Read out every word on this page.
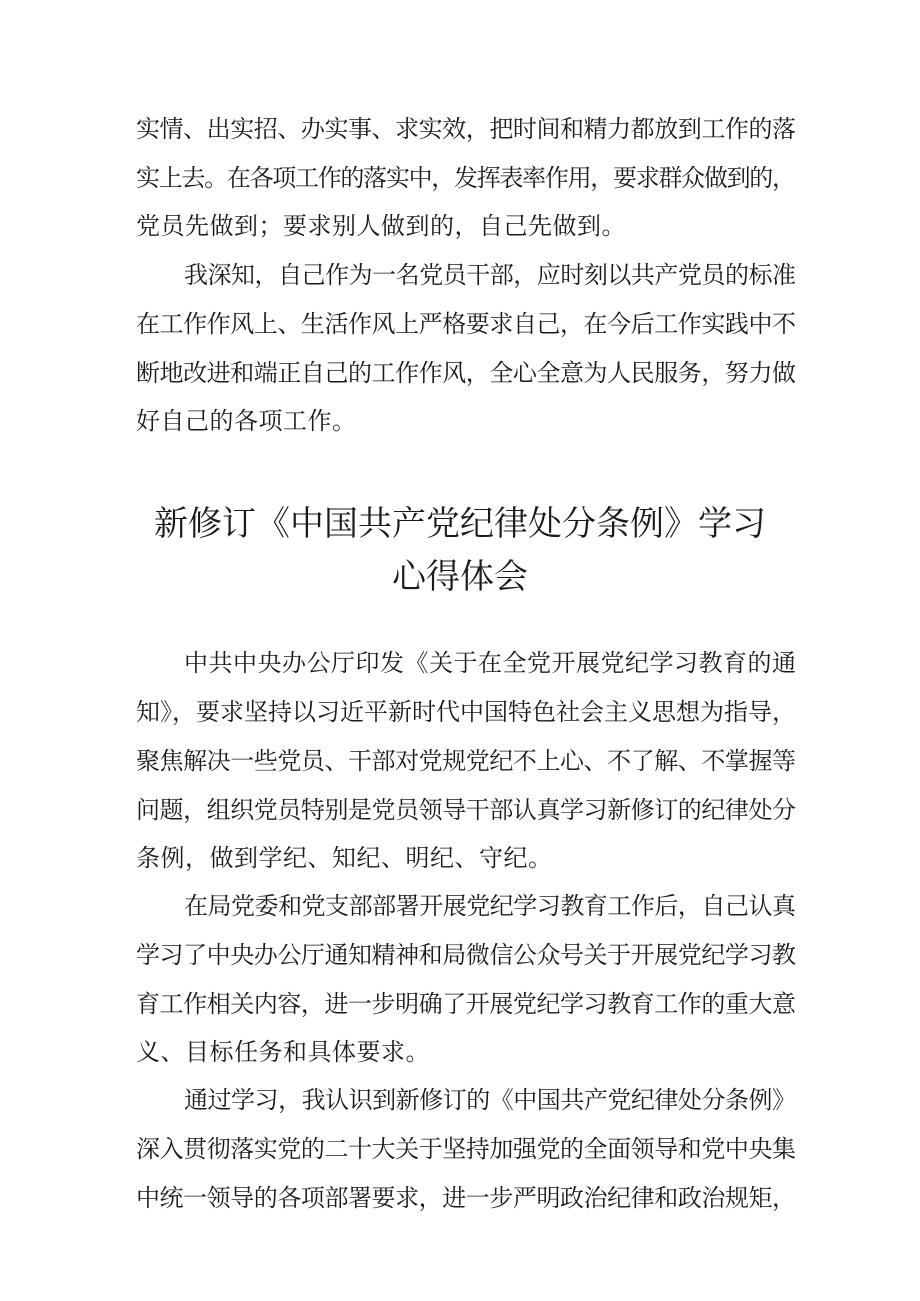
实情、出实招、办实事、求实效，把时间和精力都放到工作的落
实上去。在各项工作的落实中，发挥表率作用，要求群众做到的，
党员先做到；要求别人做到的，自己先做到。
我深知，自己作为一名党员干部，应时刻以共产党员的标准
在工作作风上、生活作风上严格要求自己，在今后工作实践中不
断地改进和端正自己的工作作风，全心全意为人民服务，努力做
好自己的各项工作。
新修订《中国共产党纪律处分条例》学习
心得体会
中共中央办公厅印发《关于在全党开展党纪学习教育的通
知》，要求坚持以习近平新时代中国特色社会主义思想为指导，
聚焦解决一些党员、干部对党规党纪不上心、不了解、不掌握等
问题，组织党员特别是党员领导干部认真学习新修订的纪律处分
条例，做到学纪、知纪、明纪、守纪。
在局党委和党支部部署开展党纪学习教育工作后，自己认真
学习了中央办公厅通知精神和局微信公众号关于开展党纪学习教
育工作相关内容，进一步明确了开展党纪学习教育工作的重大意
义、目标任务和具体要求。
通过学习，我认识到新修订的《中国共产党纪律处分条例》
深入贯彻落实党的二十大关于坚持加强党的全面领导和党中央集
中统一领导的各项部署要求，进一步严明政治纪律和政治规矩，
